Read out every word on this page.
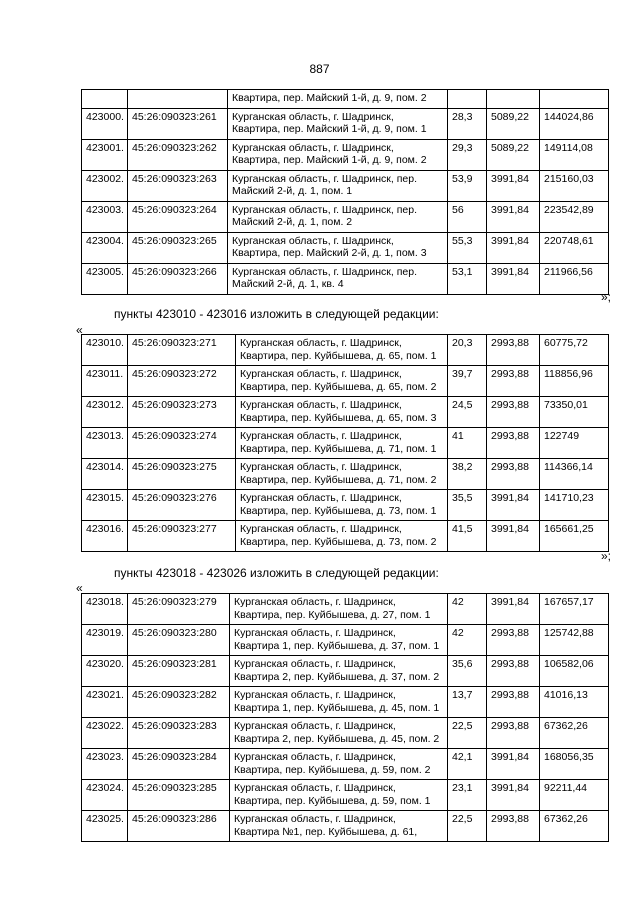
887
		Квартира, пер. Майский 1-й, д. 9, пом. 2			
423000.	45:26:090323:261	Курганская область, г. Шадринск,
Квартира, пер. Майский 1-й, д. 9, пом. 1	28,3	5089,22	144024,86
423001.	45:26:090323:262	Курганская область, г. Шадринск,
Квартира, пер. Майский 1-й, д. 9, пом. 2	29,3	5089,22	149114,08
423002.	45:26:090323:263	Курганская область, г. Шадринск, пер.
Майский 2-й, д. 1, пом. 1	53,9	3991,84	215160,03
423003.	45:26:090323:264	Курганская область, г. Шадринск, пер.
Майский 2-й, д. 1, пом. 2	56	3991,84	223542,89
423004.	45:26:090323:265	Курганская область, г. Шадринск,
Квартира, пер. Майский 2-й, д. 1, пом. 3	55,3	3991,84	220748,61
423005.	45:26:090323:266	Курганская область, г. Шадринск, пер.
Майский 2-й, д. 1, кв. 4	53,1	3991,84	211966,56
»;
пункты 423010 - 423016 изложить в следующей редакции:
«
423010.	45:26:090323:271	Курганская область, г. Шадринск,
Квартира, пер. Куйбышева, д. 65, пом. 1	20,3	2993,88	60775,72
423011.	45:26:090323:272	Курганская область, г. Шадринск,
Квартира, пер. Куйбышева, д. 65, пом. 2	39,7	2993,88	118856,96
423012.	45:26:090323:273	Курганская область, г. Шадринск,
Квартира, пер. Куйбышева, д. 65, пом. 3	24,5	2993,88	73350,01
423013.	45:26:090323:274	Курганская область, г. Шадринск,
Квартира, пер. Куйбышева, д. 71, пом. 1	41	2993,88	122749
423014.	45:26:090323:275	Курганская область, г. Шадринск,
Квартира, пер. Куйбышева, д. 71, пом. 2	38,2	2993,88	114366,14
423015.	45:26:090323:276	Курганская область, г. Шадринск,
Квартира, пер. Куйбышева, д. 73, пом. 1	35,5	3991,84	141710,23
423016.	45:26:090323:277	Курганская область, г. Шадринск,
Квартира, пер. Куйбышева, д. 73, пом. 2	41,5	3991,84	165661,25
»;
пункты 423018 - 423026 изложить в следующей редакции:
«
423018.	45:26:090323:279	Курганская область, г. Шадринск,
Квартира, пер. Куйбышева, д. 27, пом. 1	42	3991,84	167657,17
423019.	45:26:090323:280	Курганская область, г. Шадринск,
Квартира 1, пер. Куйбышева, д. 37, пом. 1	42	2993,88	125742,88
423020.	45:26:090323:281	Курганская область, г. Шадринск,
Квартира 2, пер. Куйбышева, д. 37, пом. 2	35,6	2993,88	106582,06
423021.	45:26:090323:282	Курганская область, г. Шадринск,
Квартира 1, пер. Куйбышева, д. 45, пом. 1	13,7	2993,88	41016,13
423022.	45:26:090323:283	Курганская область, г. Шадринск,
Квартира 2, пер. Куйбышева, д. 45, пом. 2	22,5	2993,88	67362,26
423023.	45:26:090323:284	Курганская область, г. Шадринск,
Квартира, пер. Куйбышева, д. 59, пом. 2	42,1	3991,84	168056,35
423024.	45:26:090323:285	Курганская область, г. Шадринск,
Квартира, пер. Куйбышева, д. 59, пом. 1	23,1	3991,84	92211,44
423025.	45:26:090323:286	Курганская область, г. Шадринск,
Квартира №1, пер. Куйбышева, д. 61,	22,5	2993,88	67362,26
